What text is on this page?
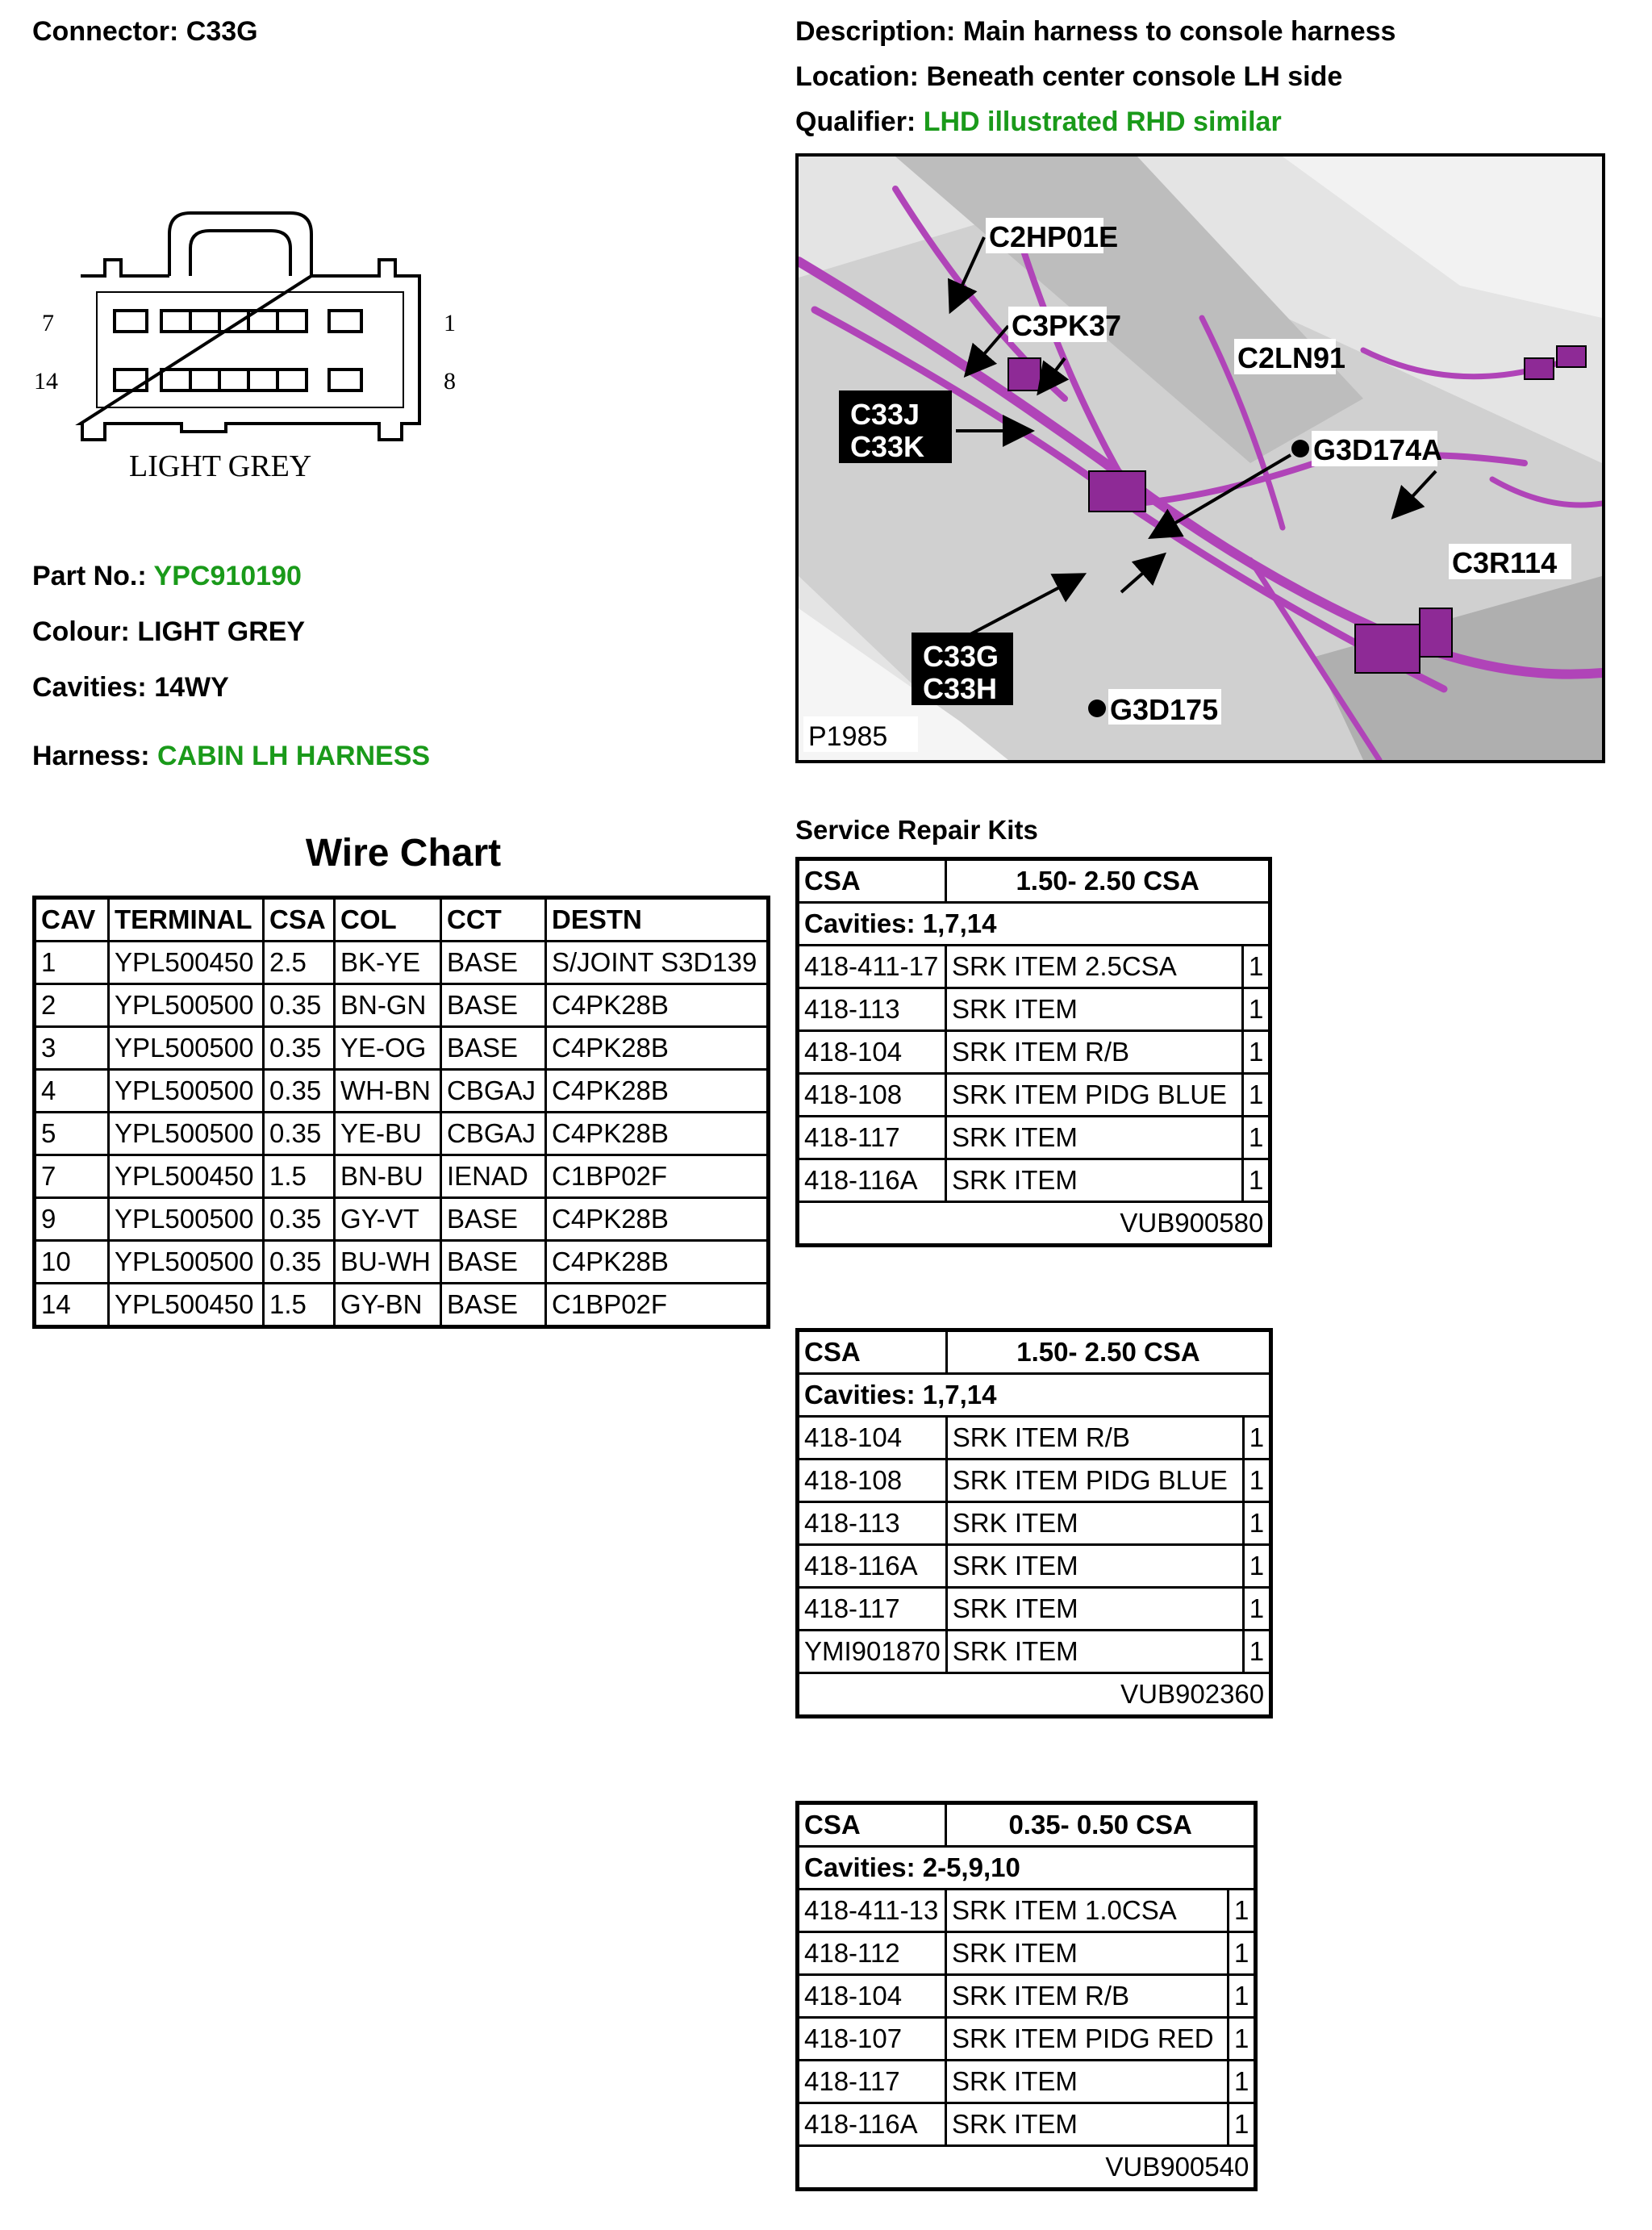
Connector: C33G	Description: Main harness to console harness
Location: Beneath center console LH side
Qualifier: LHD illustrated RHD similar
7	1
14	8
LIGHT GREY
Part No.: YPC910190
Colour: LIGHT GREY
Cavities: 14WY
Harness: CABIN LH HARNESS
C2HP01E
C3PK37
C2LN91
C33J
C33K	G3D174A
C3R114
C33G
C33H
G3D175
P1985
Wire Chart
CAV	TERMINAL	CSA	COL	CCT	DESTN
1	YPL500450	2.5	BK-YE	BASE	S/JOINT S3D139
2	YPL500500	0.35	BN-GN	BASE	C4PK28B
3	YPL500500	0.35	YE-OG	BASE	C4PK28B
4	YPL500500	0.35	WH-BN	CBGAJ	C4PK28B
5	YPL500500	0.35	YE-BU	CBGAJ	C4PK28B
7	YPL500450	1.5	BN-BU	IENAD	C1BP02F
9	YPL500500	0.35	GY-VT	BASE	C4PK28B
10	YPL500500	0.35	BU-WH	BASE	C4PK28B
14	YPL500450	1.5	GY-BN	BASE	C1BP02F
Service Repair Kits
CSA	1.50- 2.50 CSA	
Cavities: 1,7,14		
418-411-17	SRK ITEM 2.5CSA	1
418-113	SRK ITEM	1
418-104	SRK ITEM R/B	1
418-108	SRK ITEM PIDG BLUE	1
418-117	SRK ITEM	1
418-116A	SRK ITEM	1
VUB900580		
CSA	1.50- 2.50 CSA	
Cavities: 1,7,14		
418-104	SRK ITEM R/B	1
418-108	SRK ITEM PIDG BLUE	1
418-113	SRK ITEM	1
418-116A	SRK ITEM	1
418-117	SRK ITEM	1
YMI901870	SRK ITEM	1
VUB902360		
CSA	0.35- 0.50 CSA	
Cavities: 2-5,9,10		
418-411-13	SRK ITEM 1.0CSA	1
418-112	SRK ITEM	1
418-104	SRK ITEM R/B	1
418-107	SRK ITEM PIDG RED	1
418-117	SRK ITEM	1
418-116A	SRK ITEM	1
VUB900540		
